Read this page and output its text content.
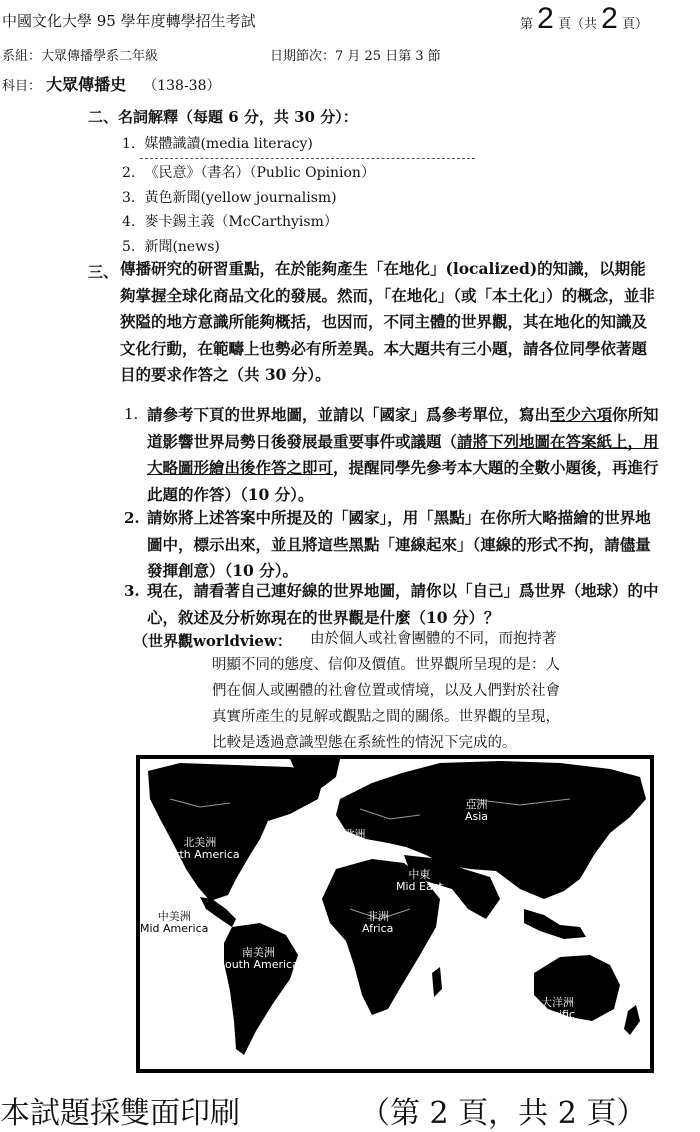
中國文化大學 95 學年度轉學招生考試	第 2 頁（共 2 頁）
系組：大眾傳播學系二年級	日期節次：7 月 25 日第 3 節
科目： 大眾傳播史 （138-38）
二、名詞解釋（每題 6 分，共 30 分）：
1. 媒體識讀(media literacy)
2. 《民意》（書名）（Public Opinion）
3. 黃色新聞(yellow journalism)
4. 麥卡錫主義（McCarthyism）
5. 新聞(news)
三、 傳播研究的研習重點，在於能夠產生「在地化」(localized)的知識，以期能夠掌握全球化商品文化的發展。然而，「在地化」（或「本土化」）的概念，並非狹隘的地方意識所能夠概括，也因而，不同主體的世界觀，其在地化的知識及文化行動，在範疇上也勢必有所差異。本大題共有三小題，請各位同學依著題目的要求作答之（共 30 分）。
1. 請參考下頁的世界地圖，並請以「國家」爲參考單位，寫出至少六項你所知道影響世界局勢日後發展最重要事件或議題（請將下列地圖在答案紙上，用大略圖形繪出後作答之即可，提醒同學先參考本大題的全數小題後，再進行此題的作答）（10 分）。
2. 請妳將上述答案中所提及的「國家」，用「黑點」在你所大略描繪的世界地圖中，標示出來，並且將這些黑點「連線起來」（連線的形式不拘，請儘量發揮創意）（10 分）。
3. 現在，請看著自己連好線的世界地圖，請你以「自己」爲世界（地球）的中心，敘述及分析妳現在的世界觀是什麼（10 分）？
（世界觀worldview：	由於個人或社會團體的不同，而抱持著明顯不同的態度、信仰及價值。世界觀所呈現的是：人們在個人或團體的社會位置或情境，以及人們對於社會真實所產生的見解或觀點之間的關係。世界觀的呈現，比較是透過意識型態在系統性的情況下完成的。
北美洲
North America
歐洲
Europe
亞洲
Asia
中東
Mid East
中美洲
Mid America
非洲
Africa
南美洲
South America
大洋洲
Pacific
本試題採雙面印刷	（第 2 頁，共 2 頁）
